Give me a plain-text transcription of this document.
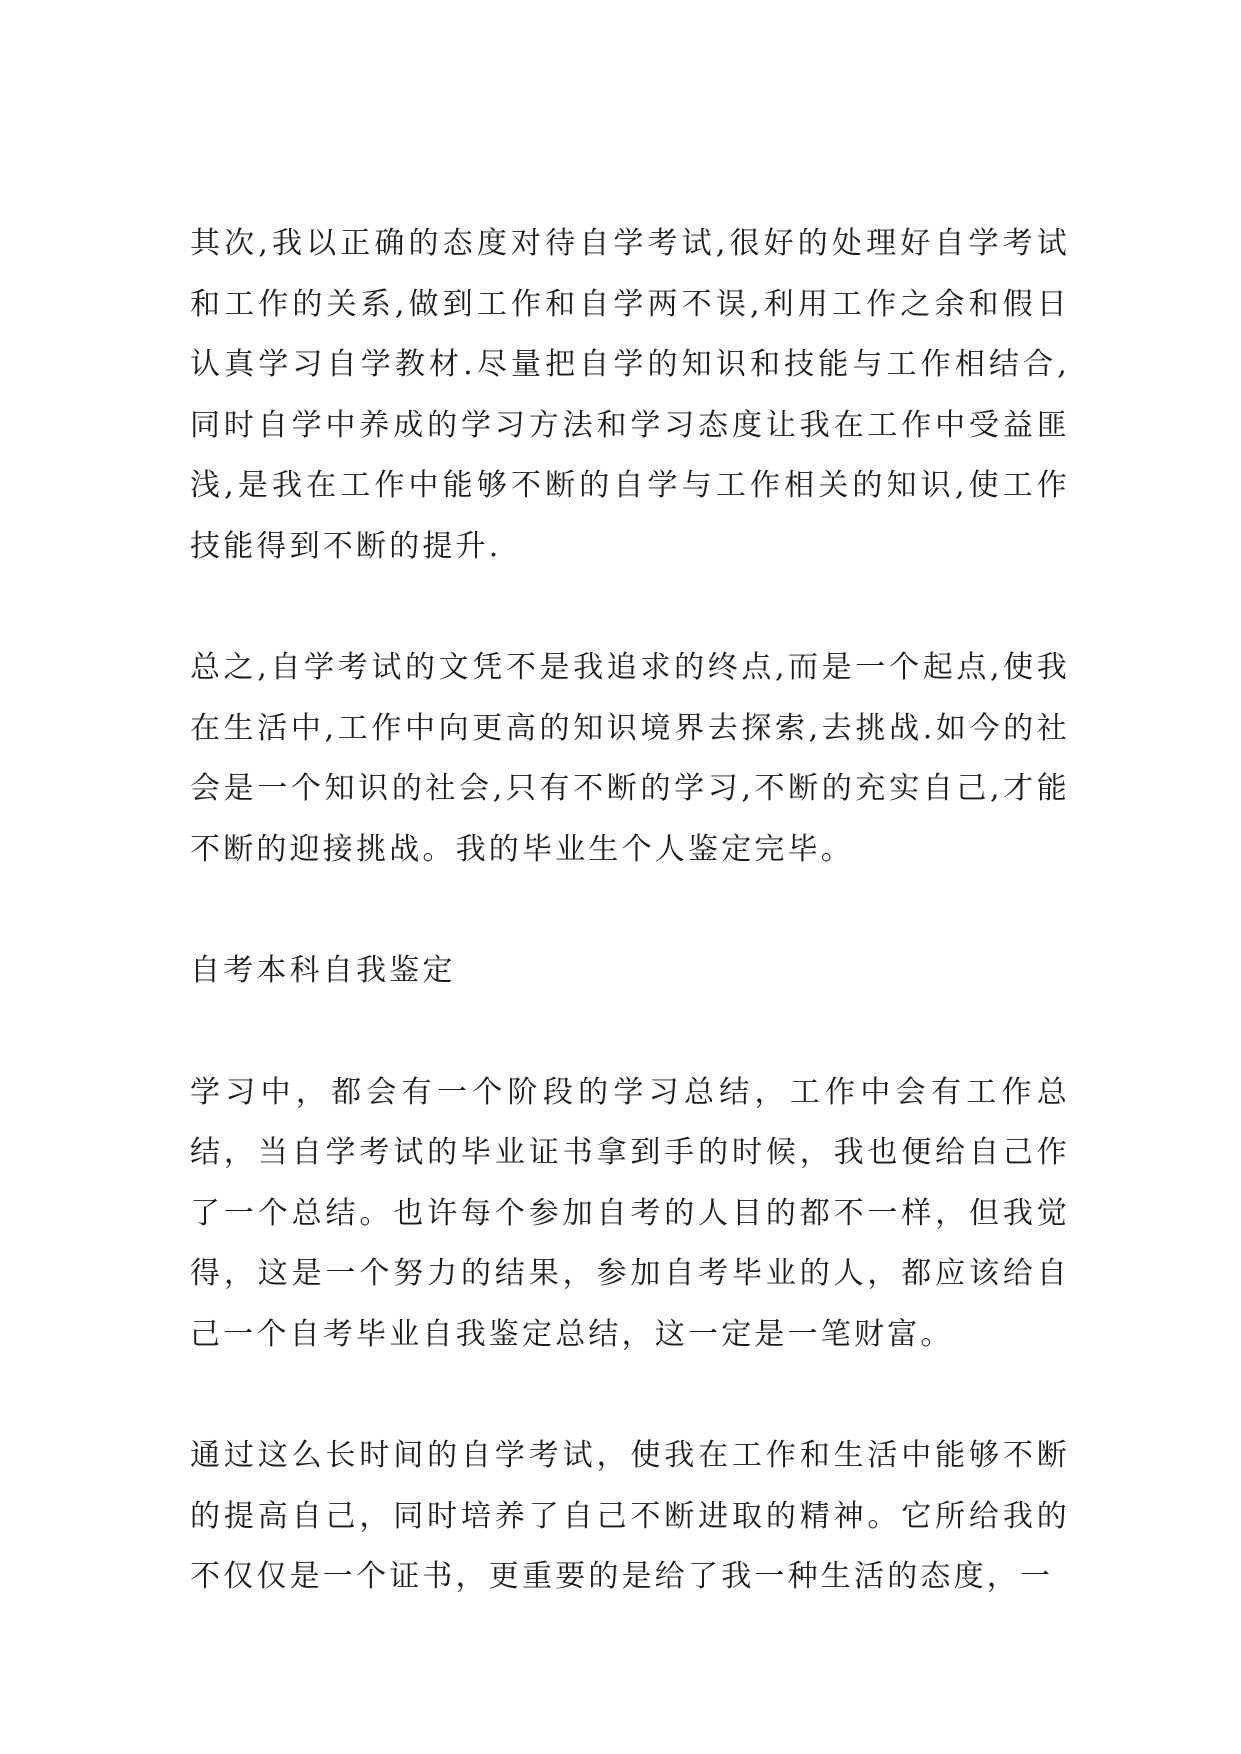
其次,我以正确的态度对待自学考试,很好的处理好自学考试和工作的关系,做到工作和自学两不误,利用工作之余和假日认真学习自学教材.尽量把自学的知识和技能与工作相结合,同时自学中养成的学习方法和学习态度让我在工作中受益匪浅,是我在工作中能够不断的自学与工作相关的知识,使工作技能得到不断的提升.

总之,自学考试的文凭不是我追求的终点,而是一个起点,使我在生活中,工作中向更高的知识境界去探索,去挑战.如今的社会是一个知识的社会,只有不断的学习,不断的充实自己,才能不断的迎接挑战。我的毕业生个人鉴定完毕。

自考本科自我鉴定

学习中，都会有一个阶段的学习总结，工作中会有工作总结，当自学考试的毕业证书拿到手的时候，我也便给自己作了一个总结。也许每个参加自考的人目的都不一样，但我觉得，这是一个努力的结果，参加自考毕业的人，都应该给自己一个自考毕业自我鉴定总结，这一定是一笔财富。

通过这么长时间的自学考试，使我在工作和生活中能够不断的提高自己，同时培养了自己不断进取的精神。它所给我的不仅仅是一个证书，更重要的是给了我一种生活的态度，一
